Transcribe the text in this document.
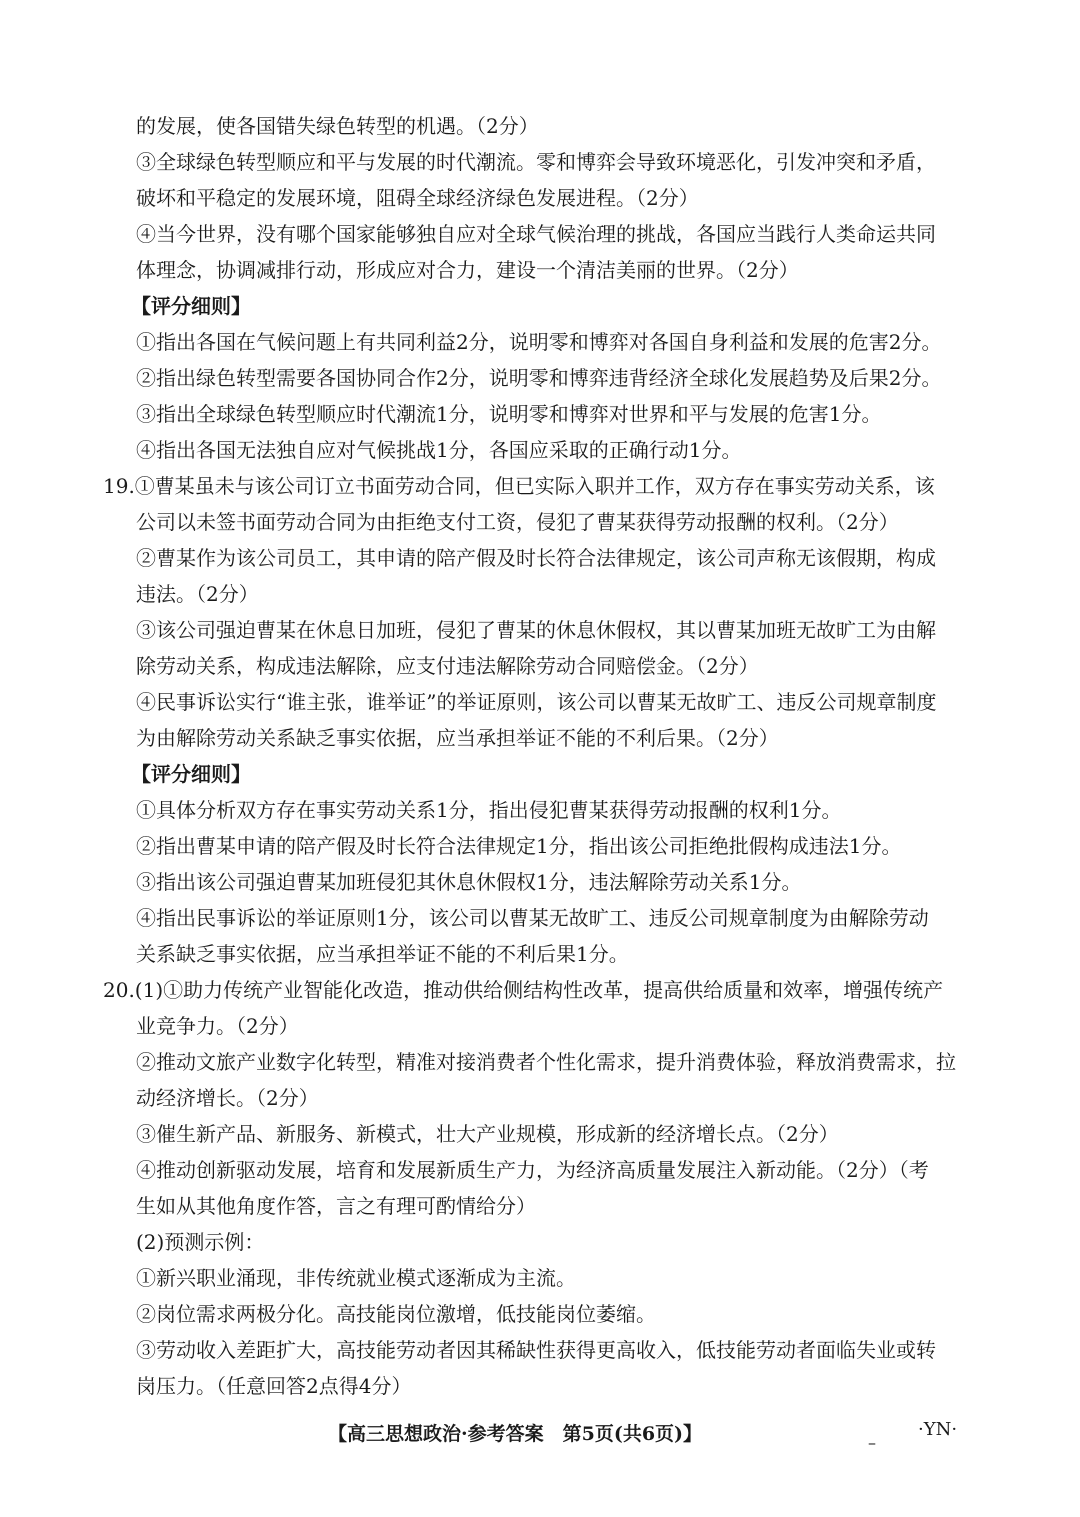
的发展，使各国错失绿色转型的机遇。（2分）
③全球绿色转型顺应和平与发展的时代潮流。零和博弈会导致环境恶化，引发冲突和矛盾，
破坏和平稳定的发展环境，阻碍全球经济绿色发展进程。（2分）
④当今世界，没有哪个国家能够独自应对全球气候治理的挑战，各国应当践行人类命运共同
体理念，协调减排行动，形成应对合力，建设一个清洁美丽的世界。（2分）
【评分细则】
①指出各国在气候问题上有共同利益2分，说明零和博弈对各国自身利益和发展的危害2分。
②指出绿色转型需要各国协同合作2分，说明零和博弈违背经济全球化发展趋势及后果2分。
③指出全球绿色转型顺应时代潮流1分，说明零和博弈对世界和平与发展的危害1分。
④指出各国无法独自应对气候挑战1分，各国应采取的正确行动1分。
19.①曹某虽未与该公司订立书面劳动合同，但已实际入职并工作，双方存在事实劳动关系，该
公司以未签书面劳动合同为由拒绝支付工资，侵犯了曹某获得劳动报酬的权利。（2分）
②曹某作为该公司员工，其申请的陪产假及时长符合法律规定，该公司声称无该假期，构成
违法。（2分）
③该公司强迫曹某在休息日加班，侵犯了曹某的休息休假权，其以曹某加班无故旷工为由解
除劳动关系，构成违法解除，应支付违法解除劳动合同赔偿金。（2分）
④民事诉讼实行“谁主张，谁举证”的举证原则，该公司以曹某无故旷工、违反公司规章制度
为由解除劳动关系缺乏事实依据，应当承担举证不能的不利后果。（2分）
【评分细则】
①具体分析双方存在事实劳动关系1分，指出侵犯曹某获得劳动报酬的权利1分。
②指出曹某申请的陪产假及时长符合法律规定1分，指出该公司拒绝批假构成违法1分。
③指出该公司强迫曹某加班侵犯其休息休假权1分，违法解除劳动关系1分。
④指出民事诉讼的举证原则1分，该公司以曹某无故旷工、违反公司规章制度为由解除劳动
关系缺乏事实依据，应当承担举证不能的不利后果1分。
20.(1)①助力传统产业智能化改造，推动供给侧结构性改革，提高供给质量和效率，增强传统产
业竞争力。（2分）
②推动文旅产业数字化转型，精准对接消费者个性化需求，提升消费体验，释放消费需求，拉
动经济增长。（2分）
③催生新产品、新服务、新模式，壮大产业规模，形成新的经济增长点。（2分）
④推动创新驱动发展，培育和发展新质生产力，为经济高质量发展注入新动能。（2分）（考
生如从其他角度作答，言之有理可酌情给分）
(2)预测示例：
①新兴职业涌现，非传统就业模式逐渐成为主流。
②岗位需求两极分化。高技能岗位激增，低技能岗位萎缩。
③劳动收入差距扩大，高技能劳动者因其稀缺性获得更高收入，低技能劳动者面临失业或转
岗压力。（任意回答2点得4分）
【高三思想政治·参考答案　第5页(共6页)】	–
·YN·
